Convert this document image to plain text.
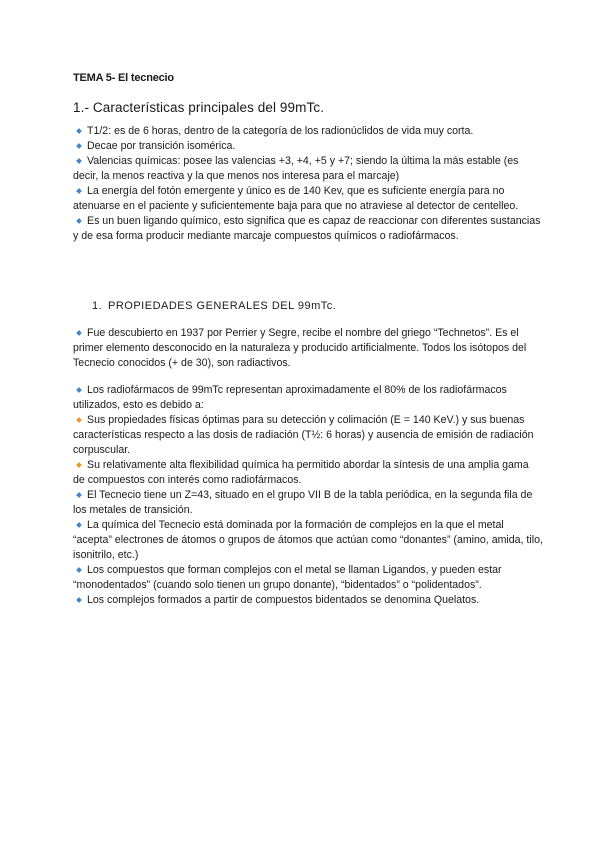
TEMA 5- El tecnecio
1.- Características principales del 99mTc.

T1/2: es de 6 horas, dentro de la categoría de los radionúclidos de vida muy corta.

Decae por transición isomérica.

Valencias químicas: posee las valencias +3, +4, +5 y +7; siendo la última la más estable (es decir, la menos reactiva y la que menos nos interesa para el marcaje)

La energía del fotón emergente y único es de 140 Kev, que es suficiente energía para no atenuarse en el paciente y suficientemente baja para que no atraviese al detector de centelleo.

Es un buen ligando químico, esto significa que es capaz de reaccionar con diferentes sustancias y de esa forma producir mediante marcaje compuestos químicos o radiofármacos.

1. PROPIEDADES GENERALES DEL 99mTc.

Fue descubierto en 1937 por Perrier y Segre, recibe el nombre del griego “Technetos”. Es el primer elemento desconocido en la naturaleza y producido artificialmente. Todos los isótopos del Tecnecio conocidos (+ de 30), son radiactivos.

Los radiofármacos de 99mTc representan aproximadamente el 80% de los radiofármacos utilizados, esto es debido a:

Sus propiedades físicas óptimas para su detección y colimación (E = 140 KeV.) y sus buenas características respecto a las dosis de radiación (T½: 6 horas) y ausencia de emisión de radiación corpuscular.

Su relativamente alta flexibilidad química ha permitido abordar la síntesis de una amplia gama de compuestos con interés como radiofármacos.

El Tecnecio tiene un Z=43, situado en el grupo VII B de la tabla periódica, en la segunda fila de los metales de transición.

La química del Tecnecio está dominada por la formación de complejos en la que el metal “acepta” electrones de átomos o grupos de átomos que actúan como “donantes” (amino, amida, tilo, isonitrilo, etc.)

Los compuestos que forman complejos con el metal se llaman Ligandos, y pueden estar “monodentados” (cuando solo tienen un grupo donante), “bidentados” o “polidentados”.

Los complejos formados a partir de compuestos bidentados se denomina Quelatos.
